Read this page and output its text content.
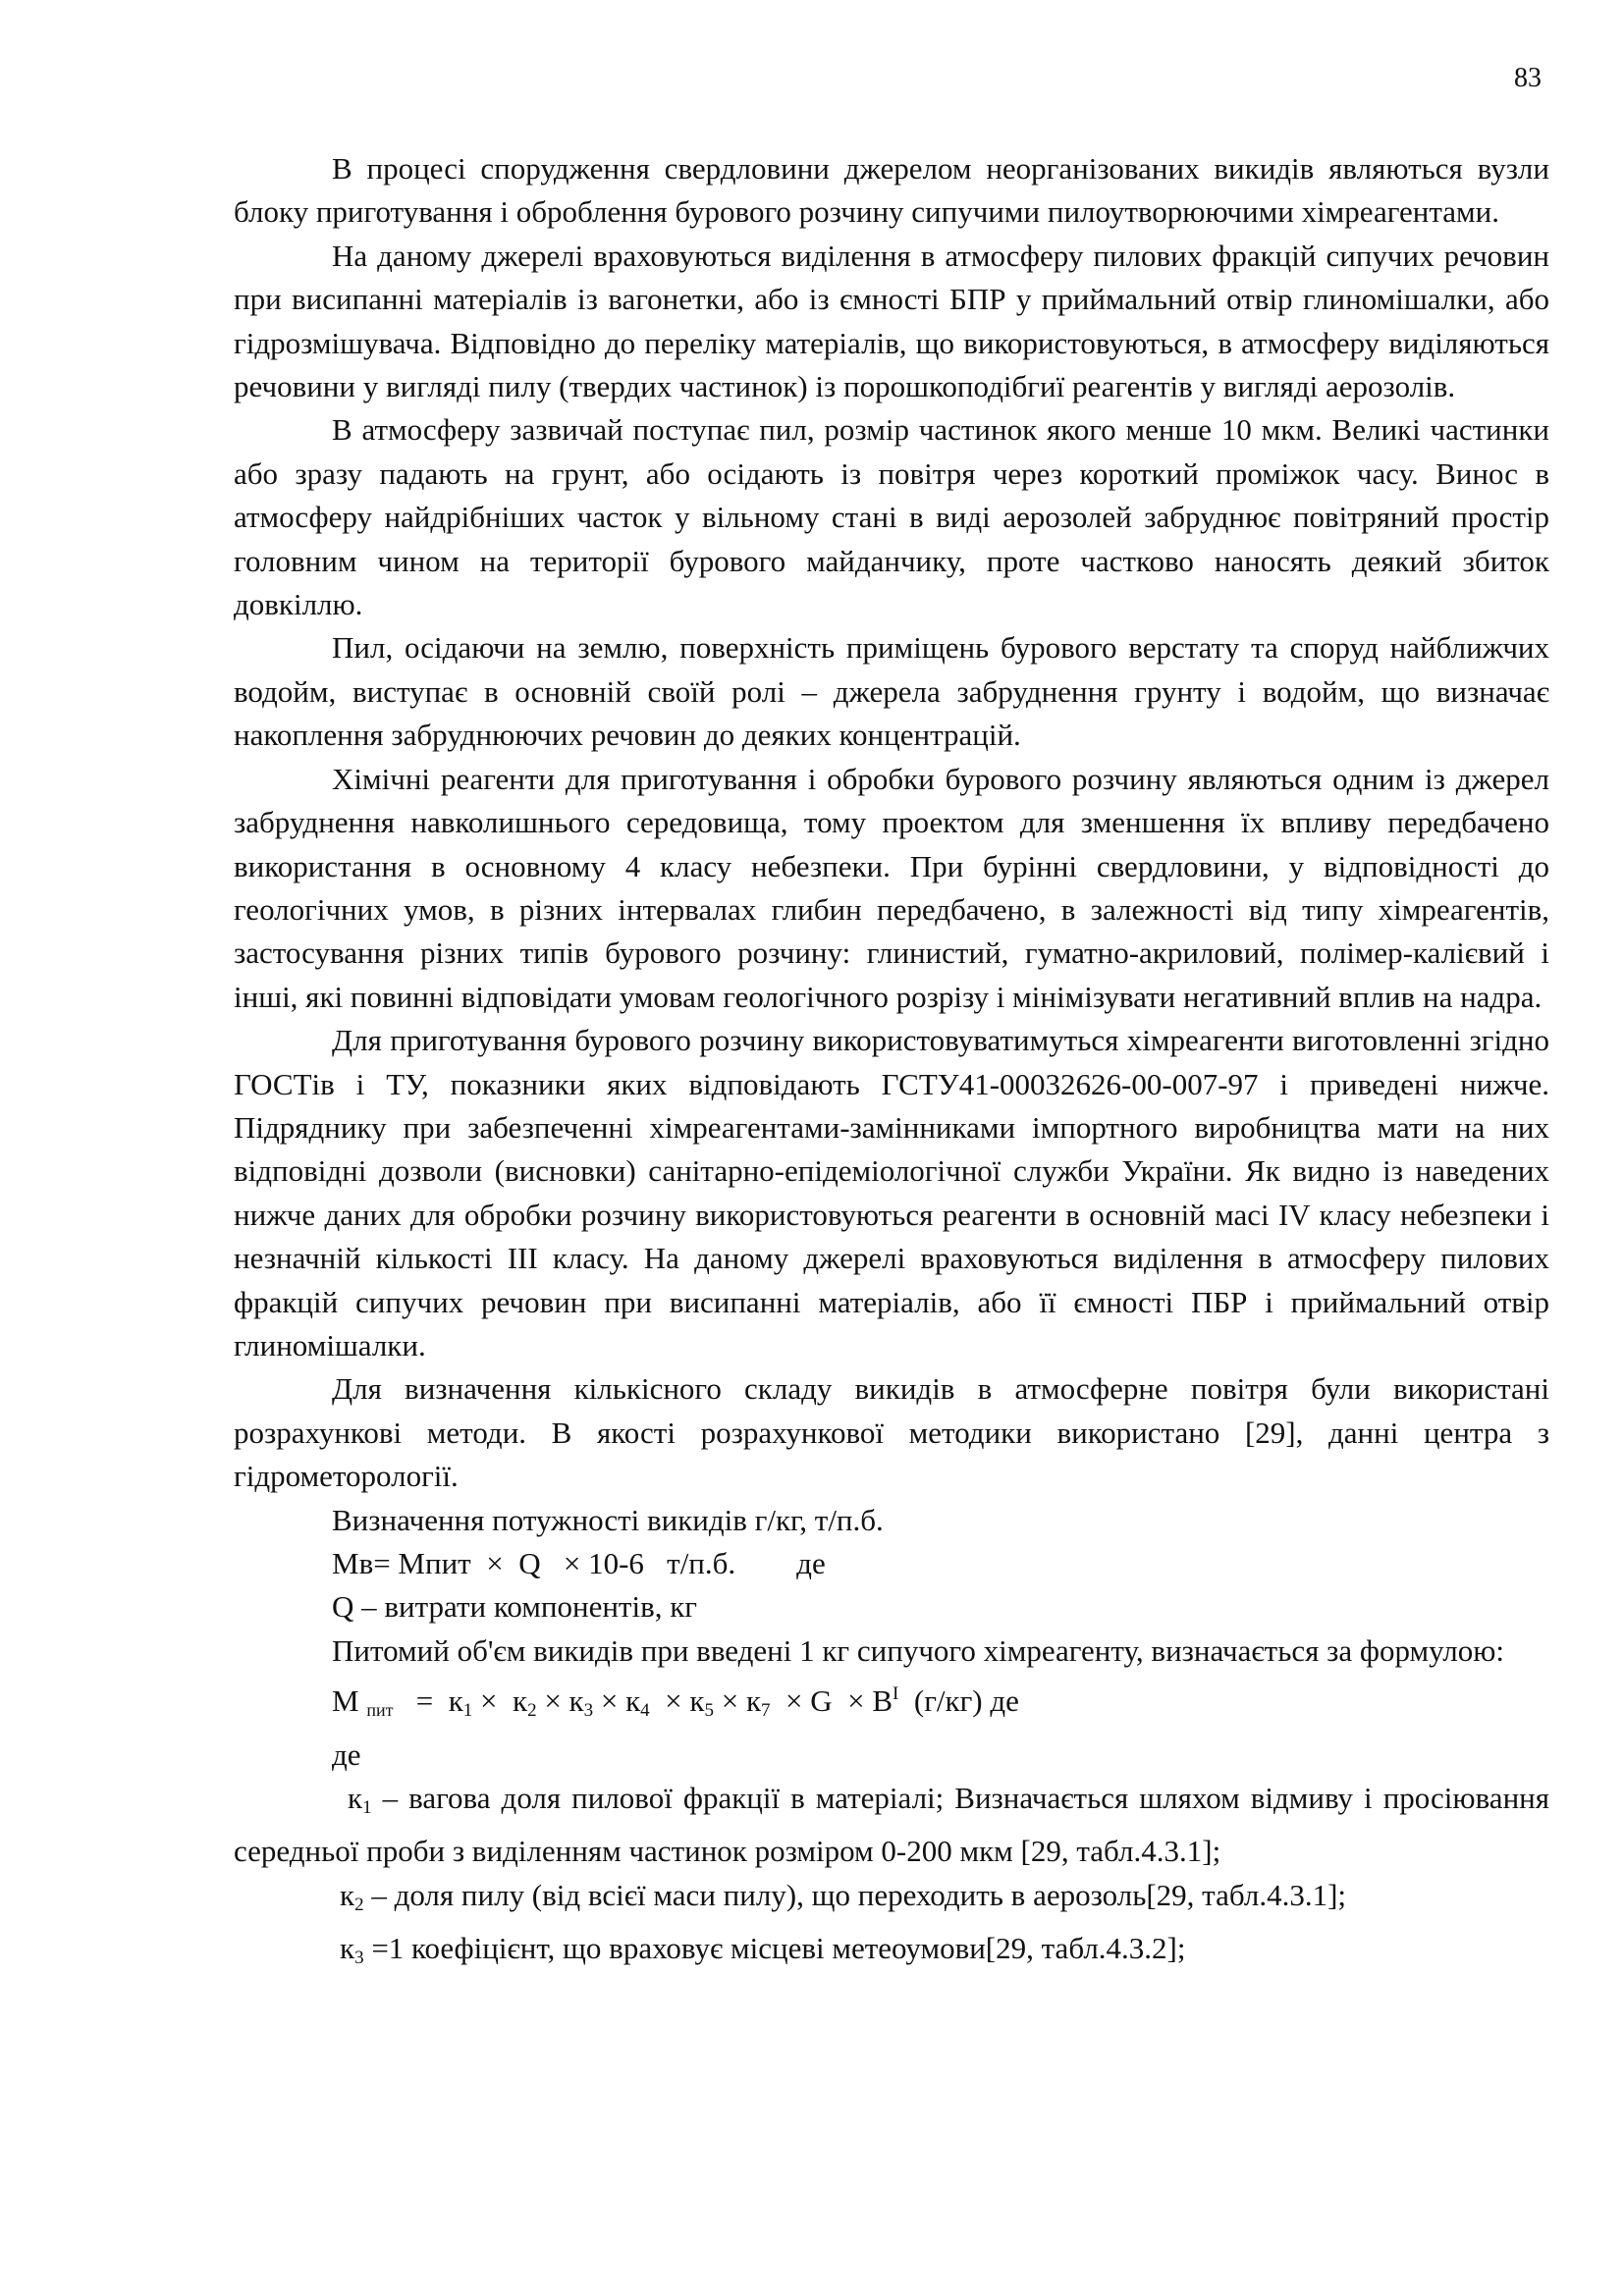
83

В процесі спорудження свердловини джерелом неорганізованих викидів являються вузли блоку приготування і оброблення бурового розчину сипучими пилоутворюючими хімреагентами.

На даному джерелі враховуються виділення в атмосферу пилових фракцій сипучих речовин при висипанні матеріалів із вагонетки, або із ємності БПР у приймальний отвір глиномішалки, або гідрозмішувача. Відповідно до переліку матеріалів, що використовуються, в атмосферу виділяються речовини у вигляді пилу (твердих частинок) із порошкоподібгиї реагентів у вигляді аерозолів.

В атмосферу зазвичай поступає пил, розмір частинок якого менше 10 мкм. Великі частинки або зразу падають на грунт, або осідають із повітря через короткий проміжок часу. Винос в атмосферу найдрібніших часток у вільному стані в виді аерозолей забруднює повітряний простір головним чином на території бурового майданчику, проте частково наносять деякий збиток довкіллю.

Пил, осідаючи на землю, поверхність приміщень бурового верстату та споруд найближчих водойм, виступає в основній своїй ролі – джерела забруднення грунту і водойм, що визначає накоплення забруднюючих речовин до деяких концентрацій.

Хімічні реагенти для приготування і обробки бурового розчину являються одним із джерел забруднення навколишнього середовища, тому проектом для зменшення їх впливу передбачено використання в основному 4 класу небезпеки. При бурінні свердловини, у відповідності до геологічних умов, в різних інтервалах глибин передбачено, в залежності від типу хімреагентів, застосування різних типів бурового розчину: глинистий, гуматно-акриловий, полімер-калієвий і інші, які повинні відповідати умовам геологічного розрізу і мінімізувати негативний вплив на надра.

Для приготування бурового розчину використовуватимуться хімреагенти виготовленні згідно ГОСТів і ТУ, показники яких відповідають ГСТУ41-00032626-00-007-97 і приведені нижче. Підряднику при забезпеченні хімреагентами-замінниками імпортного виробництва мати на них відповідні дозволи (висновки) санітарно-епідеміологічної служби України. Як видно із наведених нижче даних для обробки розчину використовуються реагенти в основній масі IV класу небезпеки і незначній кількості III класу. На даному джерелі враховуються виділення в атмосферу пилових фракцій сипучих речовин при висипанні матеріалів, або її ємності ПБР і приймальний отвір глиномішалки.

Для визначення кількісного складу викидів в атмосферне повітря були використані розрахункові методи. В якості розрахункової методики використано [29], данні центра з гідрометорології.

Визначення потужності викидів г/кг, т/п.б.
Мв= Мпит  ×  Q   × 10-6   т/п.б.        де
Q – витрати компонентів, кг

Питомий об'єм викидів при введені 1 кг сипучого хімреагенту, визначається за формулою:

М пит =  $к_1 \times к_2 \times к_3 \times к_4 \times к_5 \times к_7 \times G \times В^I$ (г/кг) де
де

$к_1$ – вагова доля пилової фракції в матеріалі; Визначається шляхом відмиву і просіювання середньої проби з виділенням частинок розміром 0-200 мкм [29, табл.4.3.1];

$к_2$ – доля пилу (від всієї маси пилу), що переходить в аерозоль[29, табл.4.3.1];
$к_3 =1$ коефіцієнт, що враховує місцеві метеоумови[29, табл.4.3.2];
